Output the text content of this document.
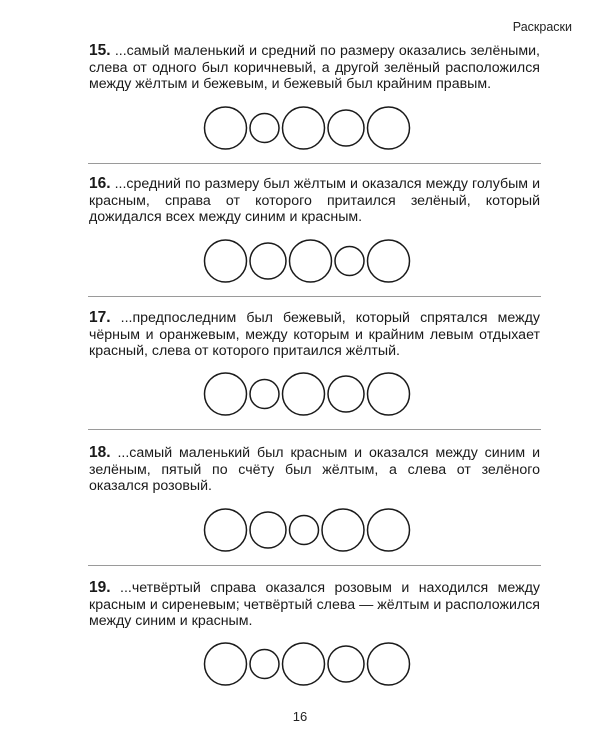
Раскраски
15. ...самый маленький и средний по размеру оказались зелёными, слева от одного был коричневый, а другой зелёный расположился между жёлтым и бежевым, и бежевый был крайним правым.
16. ...средний по размеру был жёлтым и оказался между голубым и красным, справа от которого притаился зелёный, который дожидался всех между синим и красным.
17. ...предпоследним был бежевый, который спрятался между чёрным и оранжевым, между которым и крайним левым отдыхает красный, слева от которого притаился жёлтый.
18. ...самый маленький был красным и оказался между синим и зелёным, пятый по счёту был жёлтым, а слева от зелёного оказался розовый.
19. ...четвёртый справа оказался розовым и находился между красным и сиреневым; четвёртый слева — жёлтым и расположился между синим и красным.
16
